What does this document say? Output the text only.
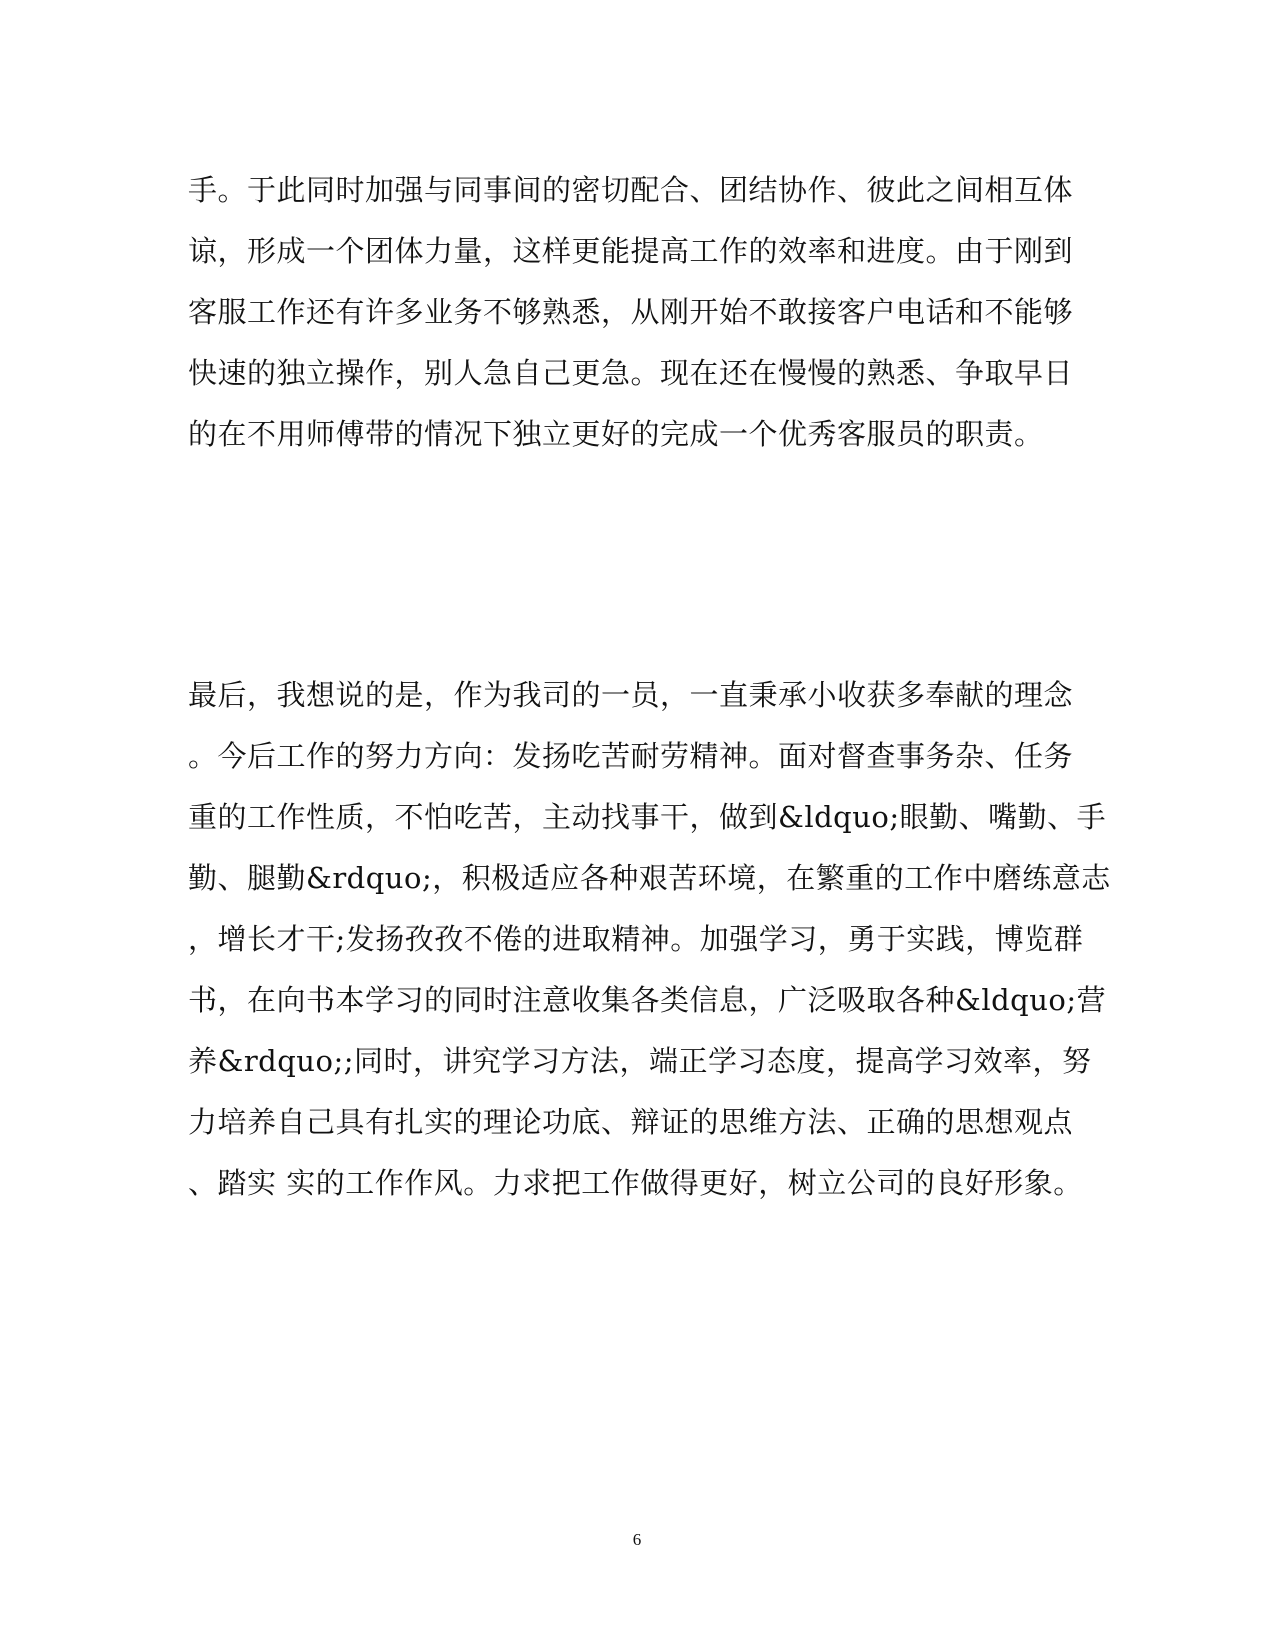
手。于此同时加强与同事间的密切配合、团结协作、彼此之间相互体
谅，形成一个团体力量，这样更能提高工作的效率和进度。由于刚到
客服工作还有许多业务不够熟悉，从刚开始不敢接客户电话和不能够
快速的独立操作，别人急自己更急。现在还在慢慢的熟悉、争取早日
的在不用师傅带的情况下独立更好的完成一个优秀客服员的职责。
最后，我想说的是，作为我司的一员，一直秉承小收获多奉献的理念
。今后工作的努力方向：发扬吃苦耐劳精神。面对督查事务杂、任务
重的工作性质，不怕吃苦，主动找事干，做到&ldquo;眼勤、嘴勤、手
勤、腿勤&rdquo;，积极适应各种艰苦环境，在繁重的工作中磨练意志
，增长才干;发扬孜孜不倦的进取精神。加强学习，勇于实践，博览群
书，在向书本学习的同时注意收集各类信息，广泛吸取各种&ldquo;营
养&rdquo;;同时，讲究学习方法，端正学习态度，提高学习效率，努
力培养自己具有扎实的理论功底、辩证的思维方法、正确的思想观点
、踏实 实的工作作风。力求把工作做得更好，树立公司的良好形象。
6
